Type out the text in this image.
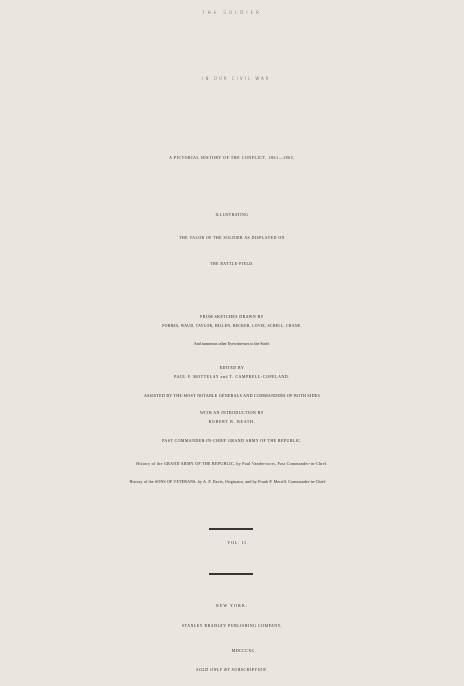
THE SOLDIER
IN OUR CIVIL WAR:
A PICTORIAL HISTORY OF THE CONFLICT, 1861—1865,
ILLUSTRATING
THE VALOR OF THE SOLDIER AS DISPLAYED ON
THE BATTLE-FIELD.
FROM SKETCHES DRAWN BY
FORBES, WAUD, TAYLOR, HILLEN, BECKER, LOVIE, SCHELL, CRANE.
And numerous other Eyewitnesses to the Strife.
EDITED BY
PAUL F. MOTTELAY and T. CAMPBELL-COPELAND.
ASSISTED BY THE MOST NOTABLE GENERALS AND COMMANDERS OF BOTH SIDES
WITH AN INTRODUCTION BY
ROBERT B. BEATH,
PAST COMMANDER-IN-CHIEF GRAND ARMY OF THE REPUBLIC.
History of the GRAND ARMY OF THE REPUBLIC, by Paul Vandervoort, Past Commander-in-Chief.
History of the SONS OF VETERANS, by A. P. Davis, Originator, and by Frank P. Merrill, Commander-in-Chief.
VOL. II.
NEW YORK:
STANLEY BRADLEY PUBLISHING COMPANY,
MDCCCXC.
SOLD ONLY BY SUBSCRIPTION.
